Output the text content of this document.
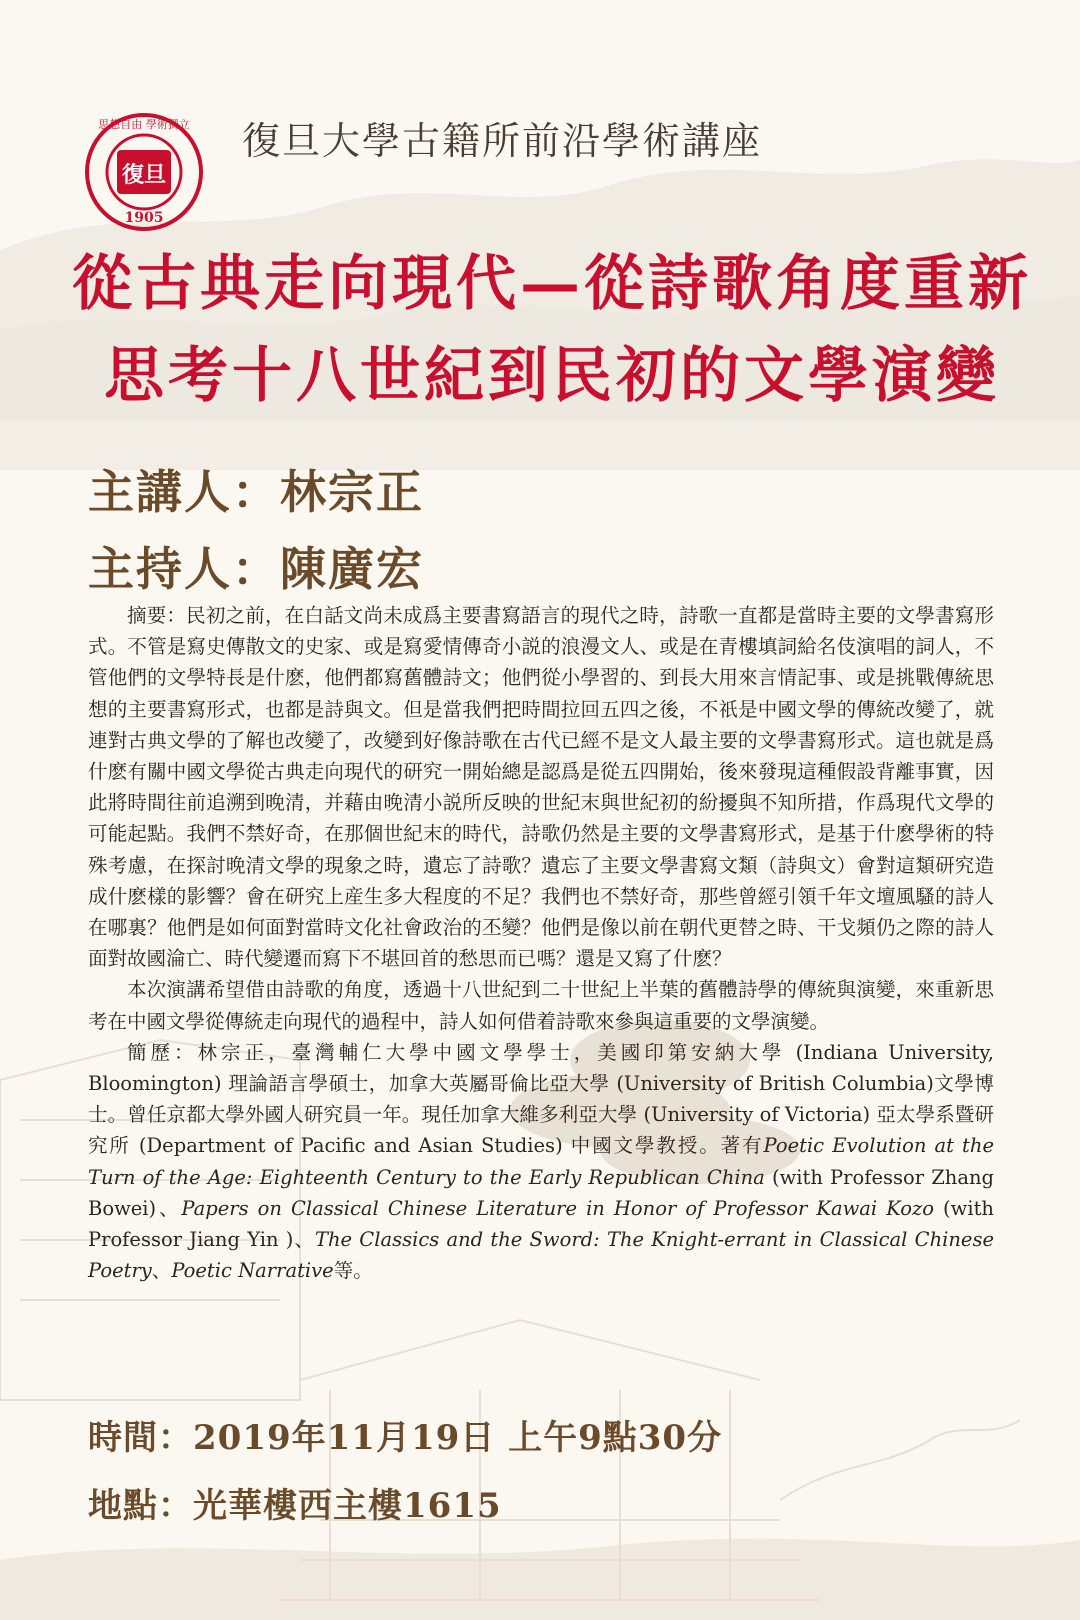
復旦
思想自由 學術獨立
1905
復旦大學古籍所前沿學術講座
從古典走向現代—從詩歌角度重新
思考十八世紀到民初的文學演變
主講人：林宗正
主持人：陳廣宏

摘要：民初之前，在白話文尚未成爲主要書寫語言的現代之時，詩歌一直都是當時主要的文學書寫形式。不管是寫史傳散文的史家、或是寫愛情傳奇小説的浪漫文人、或是在青樓填詞給名伎演唱的詞人，不管他們的文學特長是什麽，他們都寫舊體詩文；他們從小學習的、到長大用來言情記事、或是挑戰傳統思想的主要書寫形式，也都是詩與文。但是當我們把時間拉回五四之後，不祇是中國文學的傳統改變了，就連對古典文學的了解也改變了，改變到好像詩歌在古代已經不是文人最主要的文學書寫形式。這也就是爲什麽有關中國文學從古典走向現代的研究一開始總是認爲是從五四開始，後來發現這種假設背離事實，因此將時間往前追溯到晚清，并藉由晚清小説所反映的世紀末與世紀初的紛擾與不知所措，作爲現代文學的可能起點。我們不禁好奇，在那個世紀末的時代，詩歌仍然是主要的文學書寫形式，是基于什麽學術的特殊考慮，在探討晚清文學的現象之時，遺忘了詩歌？遺忘了主要文學書寫文類（詩與文）會對這類研究造成什麽樣的影響？會在研究上産生多大程度的不足？我們也不禁好奇，那些曾經引領千年文壇風騷的詩人在哪裏？他們是如何面對當時文化社會政治的丕變？他們是像以前在朝代更替之時、干戈頻仍之際的詩人面對故國淪亡、時代變遷而寫下不堪回首的愁思而已嗎？還是又寫了什麽？

本次演講希望借由詩歌的角度，透過十八世紀到二十世紀上半葉的舊體詩學的傳統與演變，來重新思考在中國文學從傳統走向現代的過程中，詩人如何借着詩歌來參與這重要的文學演變。

簡歷：林宗正，臺灣輔仁大學中國文學學士，美國印第安納大學 (Indiana University, Bloomington) 理論語言學碩士，加拿大英屬哥倫比亞大學 (University of British Columbia)文學博士。曾任京都大學外國人研究員一年。現任加拿大維多利亞大學 (University of Victoria) 亞太學系暨研究所 (Department of Pacific and Asian Studies) 中國文學教授。著有Poetic Evolution at the Turn of the Age: Eighteenth Century to the Early Republican China (with Professor Zhang Bowei)、Papers on Classical Chinese Literature in Honor of Professor Kawai Kozo (with Professor Jiang Yin )、The Classics and the Sword: The Knight-errant in Classical Chinese Poetry、Poetic Narrative等。

時間：2019年11月19日 上午9點30分
地點：光華樓西主樓1615
